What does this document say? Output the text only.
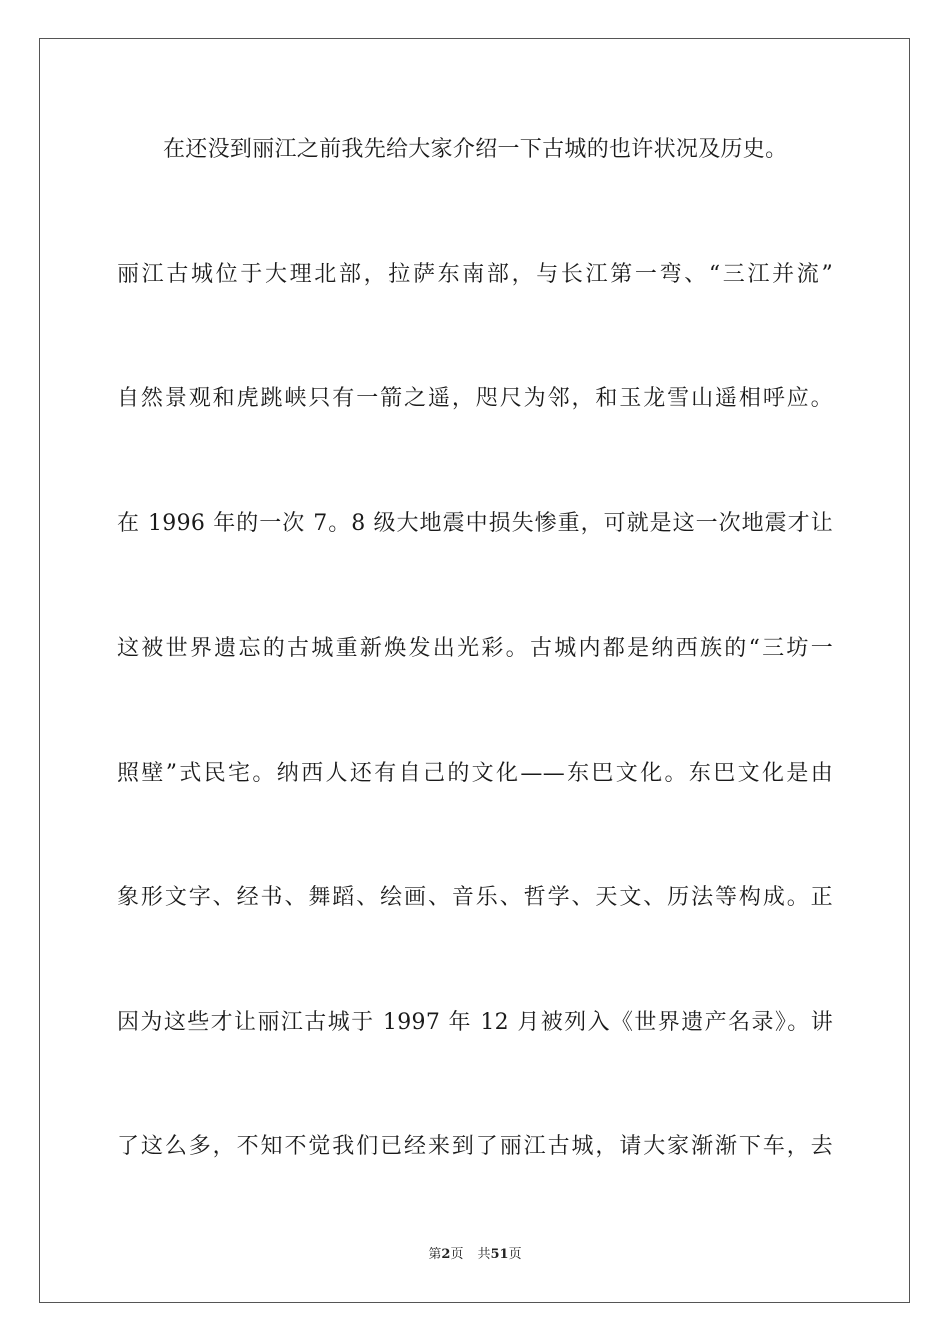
在还没到丽江之前我先给大家介绍一下古城的也许状况及历史。
丽江古城位于大理北部，拉萨东南部，与长江第一弯、“三江并流”
自然景观和虎跳峡只有一箭之遥，咫尺为邻，和玉龙雪山遥相呼应。
在 1996 年的一次 7。8 级大地震中损失惨重，可就是这一次地震才让
这被世界遗忘的古城重新焕发出光彩。古城内都是纳西族的“三坊一
照壁”式民宅。纳西人还有自己的文化——东巴文化。东巴文化是由
象形文字、经书、舞蹈、绘画、音乐、哲学、天文、历法等构成。正
因为这些才让丽江古城于 1997 年 12 月被列入《世界遗产名录》。讲
了这么多，不知不觉我们已经来到了丽江古城，请大家渐渐下车，去
第2页 共51页
